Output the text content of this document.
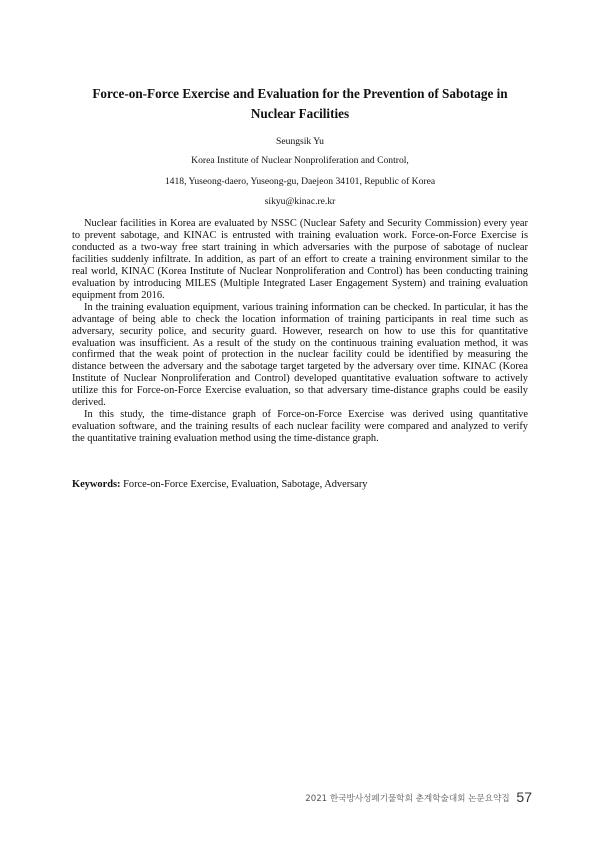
Force-on-Force Exercise and Evaluation for the Prevention of Sabotage in
Nuclear Facilities
Seungsik Yu
Korea Institute of Nuclear Nonproliferation and Control,
1418, Yuseong-daero, Yuseong-gu, Daejeon 34101, Republic of Korea
sikyu@kinac.re.kr

Nuclear facilities in Korea are evaluated by NSSC (Nuclear Safety and Security Commission) every year to prevent sabotage, and KINAC is entrusted with training evaluation work. Force-on-Force Exercise is conducted as a two-way free start training in which adversaries with the purpose of sabotage of nuclear facilities suddenly infiltrate. In addition, as part of an effort to create a training environment similar to the real world, KINAC (Korea Institute of Nuclear Nonproliferation and Control) has been conducting training evaluation by introducing MILES (Multiple Integrated Laser Engagement System) and training evaluation equipment from 2016.

In the training evaluation equipment, various training information can be checked. In particular, it has the advantage of being able to check the location information of training participants in real time such as adversary, security police, and security guard. However, research on how to use this for quantitative evaluation was insufficient. As a result of the study on the continuous training evaluation method, it was confirmed that the weak point of protection in the nuclear facility could be identified by measuring the distance between the adversary and the sabotage target targeted by the adversary over time. KINAC (Korea Institute of Nuclear Nonproliferation and Control) developed quantitative evaluation software to actively utilize this for Force-on-Force Exercise evaluation, so that adversary time-distance graphs could be easily derived.

In this study, the time-distance graph of Force-on-Force Exercise was derived using quantitative evaluation software, and the training results of each nuclear facility were compared and analyzed to verify the quantitative training evaluation method using the time-distance graph.

Keywords: Force-on-Force Exercise, Evaluation, Sabotage, Adversary
2021 한국방사성폐기물학회 춘계학술대회 논문요약집 57
